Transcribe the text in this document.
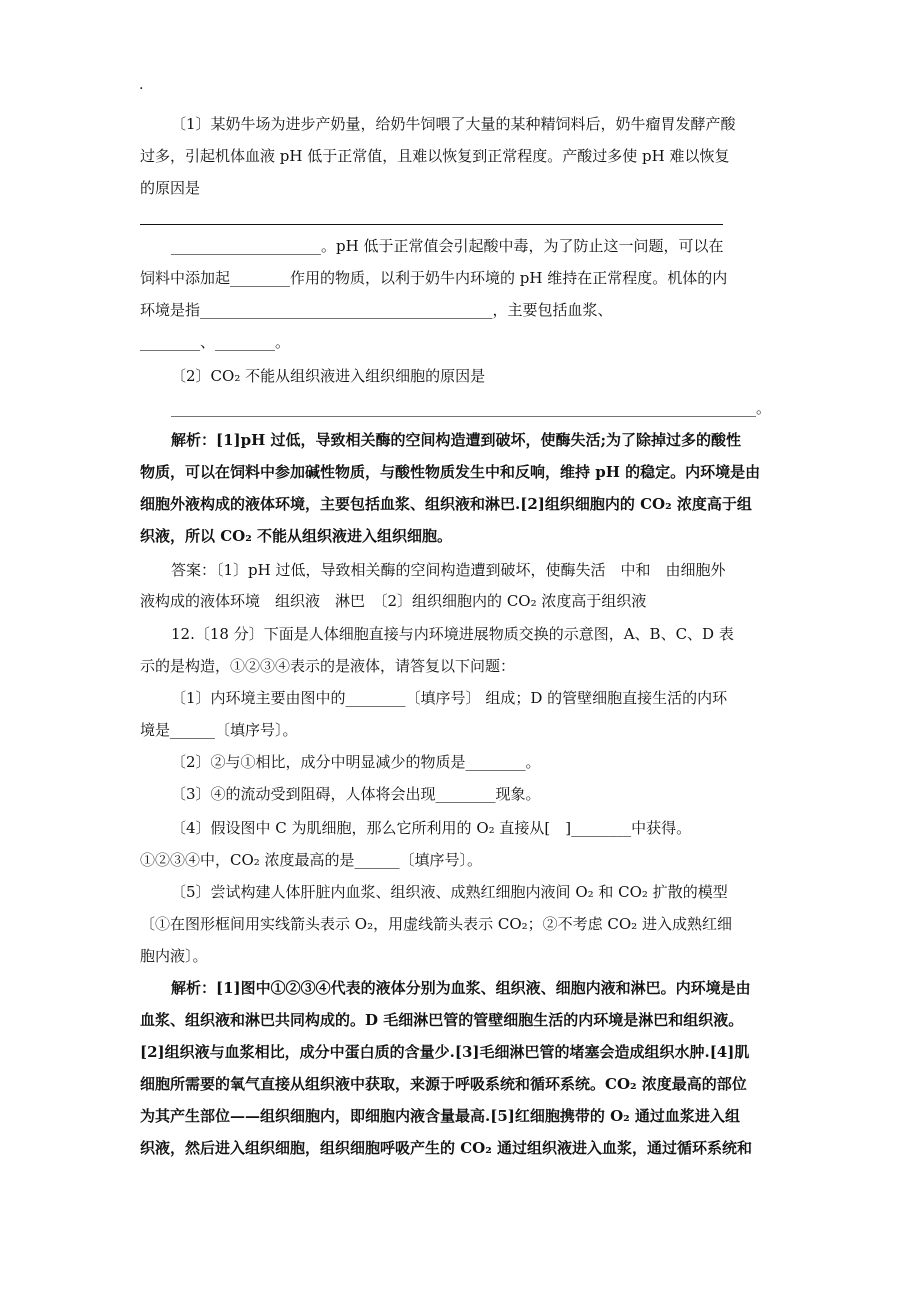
.
〔1〕某奶牛场为进步产奶量，给奶牛饲喂了大量的某种精饲料后，奶牛瘤胃发酵产酸
过多，引起机体血液 pH 低于正常值，且难以恢复到正常程度。产酸过多使 pH 难以恢复
的原因是
____________________。pH 低于正常值会引起酸中毒，为了防止这一问题，可以在
饲料中添加起________作用的物质，以利于奶牛内环境的 pH 维持在正常程度。机体的内
环境是指_______________________________________，主要包括血浆、
________、________。
〔2〕CO₂ 不能从组织液进入组织细胞的原因是
______________________________________________________________________________。
解析：[1]pH 过低，导致相关酶的空间构造遭到破坏，使酶失活;为了除掉过多的酸性
物质，可以在饲料中参加碱性物质，与酸性物质发生中和反响，维持 pH 的稳定。内环境是由
细胞外液构成的液体环境，主要包括血浆、组织液和淋巴.[2]组织细胞内的 CO₂ 浓度高于组
织液，所以 CO₂ 不能从组织液进入组织细胞。
答案：〔1〕pH 过低，导致相关酶的空间构造遭到破坏，使酶失活　中和　由细胞外
液构成的液体环境　组织液　淋巴　〔2〕组织细胞内的 CO₂ 浓度高于组织液
12.〔18 分〕下面是人体细胞直接与内环境进展物质交换的示意图，A、B、C、D 表
示的是构造，①②③④表示的是液体，请答复以下问题：
〔1〕内环境主要由图中的________〔填序号〕 组成；D 的管壁细胞直接生活的内环
境是______〔填序号〕。
〔2〕②与①相比，成分中明显减少的物质是________。
〔3〕④的流动受到阻碍，人体将会出现________现象。
〔4〕假设图中 C 为肌细胞，那么它所利用的 O₂ 直接从[　]________中获得。
①②③④中，CO₂ 浓度最高的是______〔填序号〕。
〔5〕尝试构建人体肝脏内血浆、组织液、成熟红细胞内液间 O₂ 和 CO₂ 扩散的模型
〔①在图形框间用实线箭头表示 O₂，用虚线箭头表示 CO₂；②不考虑 CO₂ 进入成熟红细
胞内液〕。
解析：[1]图中①②③④代表的液体分别为血浆、组织液、细胞内液和淋巴。内环境是由
血浆、组织液和淋巴共同构成的。D 毛细淋巴管的管壁细胞生活的内环境是淋巴和组织液。
[2]组织液与血浆相比，成分中蛋白质的含量少.[3]毛细淋巴管的堵塞会造成组织水肿.[4]肌
细胞所需要的氧气直接从组织液中获取，来源于呼吸系统和循环系统。CO₂ 浓度最高的部位
为其产生部位——组织细胞内，即细胞内液含量最高.[5]红细胞携带的 O₂ 通过血浆进入组
织液，然后进入组织细胞，组织细胞呼吸产生的 CO₂ 通过组织液进入血浆，通过循环系统和
